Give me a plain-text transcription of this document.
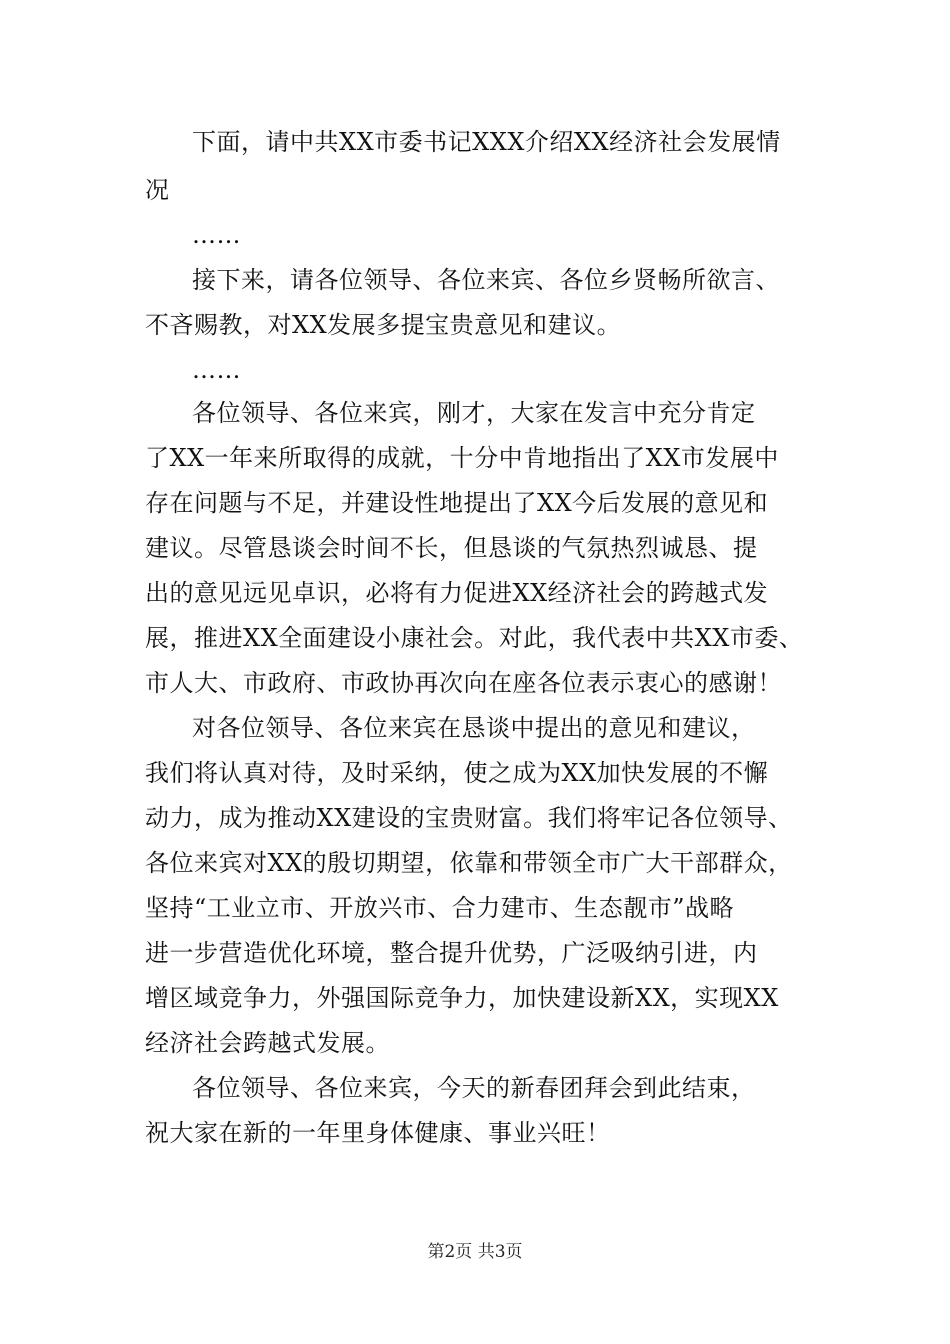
下面，请中共XX市委书记XXX介绍XX经济社会发展情
况
……
接下来，请各位领导、各位来宾、各位乡贤畅所欲言、
不吝赐教，对XX发展多提宝贵意见和建议。
……
各位领导、各位来宾，刚才，大家在发言中充分肯定
了XX一年来所取得的成就，十分中肯地指出了XX市发展中
存在问题与不足，并建设性地提出了XX今后发展的意见和
建议。尽管恳谈会时间不长，但恳谈的气氛热烈诚恳、提
出的意见远见卓识，必将有力促进XX经济社会的跨越式发
展，推进XX全面建设小康社会。对此，我代表中共XX市委、
市人大、市政府、市政协再次向在座各位表示衷心的感谢！
对各位领导、各位来宾在恳谈中提出的意见和建议，
我们将认真对待，及时采纳，使之成为XX加快发展的不懈
动力，成为推动XX建设的宝贵财富。我们将牢记各位领导、
各位来宾对XX的殷切期望，依靠和带领全市广大干部群众，
坚持“工业立市、开放兴市、合力建市、生态靓市”战略
进一步营造优化环境，整合提升优势，广泛吸纳引进，内
增区域竞争力，外强国际竞争力，加快建设新XX，实现XX
经济社会跨越式发展。
各位领导、各位来宾，今天的新春团拜会到此结束，
祝大家在新的一年里身体健康、事业兴旺！
第2页 共3页
